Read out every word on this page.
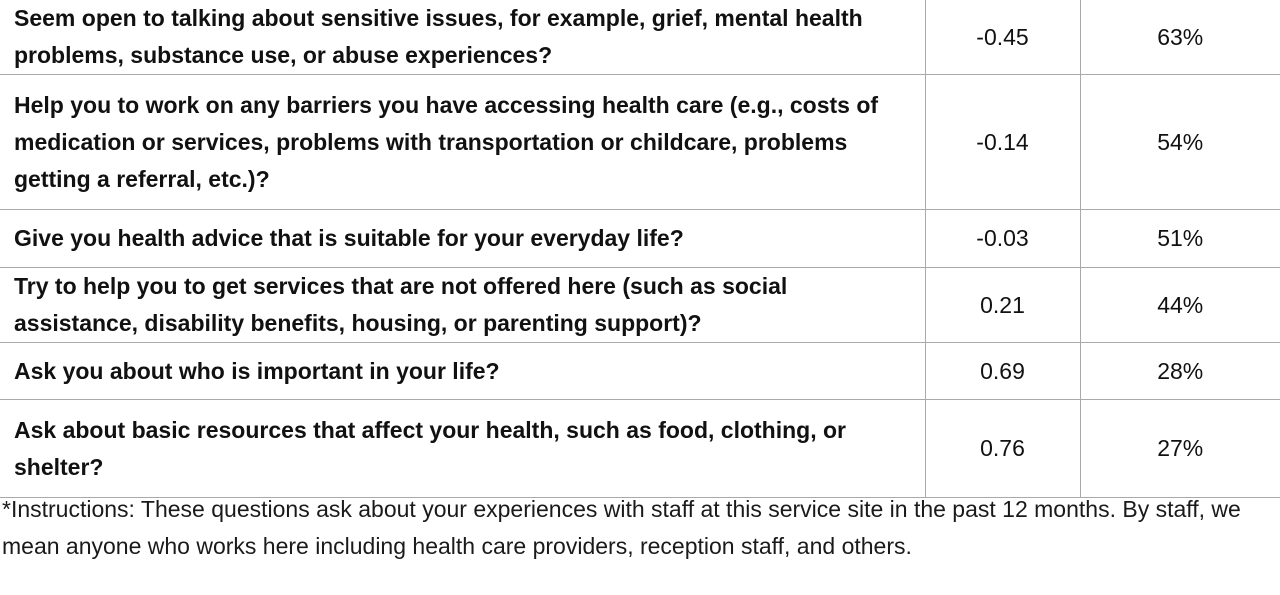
Seem open to talking about sensitive issues, for example, grief, mental health problems, substance use, or abuse experiences?	-0.45	63%
Help you to work on any barriers you have accessing health care (e.g., costs of medication or services, problems with transportation or childcare, problems getting a referral, etc.)?	-0.14	54%
Give you health advice that is suitable for your everyday life?	-0.03	51%
Try to help you to get services that are not offered here (such as social assistance, disability benefits, housing, or parenting support)?	0.21	44%
Ask you about who is important in your life?	0.69	28%
Ask about basic resources that affect your health, such as food, clothing, or shelter?	0.76	27%
*Instructions: These questions ask about your experiences with staff at this service site in the past 12 months. By staff, we mean anyone who works here including health care providers, reception staff, and others.
